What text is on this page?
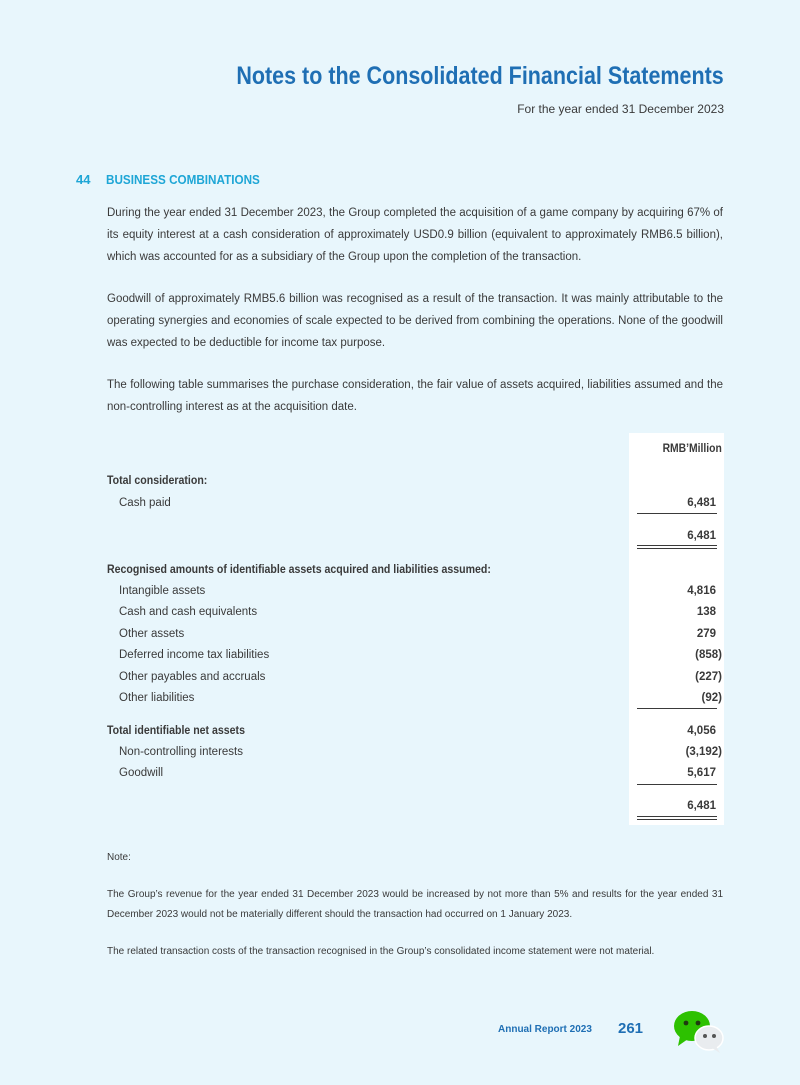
Notes to the Consolidated Financial Statements
For the year ended 31 December 2023
44	BUSINESS COMBINATIONS

During the year ended 31 December 2023, the Group completed the acquisition of a game company by acquiring 67% of its equity interest at a cash consideration of approximately USD0.9 billion (equivalent to approximately RMB6.5 billion), which was accounted for as a subsidiary of the Group upon the completion of the transaction.

Goodwill of approximately RMB5.6 billion was recognised as a result of the transaction. It was mainly attributable to the operating synergies and economies of scale expected to be derived from combining the operations. None of the goodwill was expected to be deductible for income tax purpose.

The following table summarises the purchase consideration, the fair value of assets acquired, liabilities assumed and the non-controlling interest as at the acquisition date.

RMB’Million
Total consideration:
Cash paid	6,481
6,481
Recognised amounts of identifiable assets acquired and liabilities assumed:
Intangible assets	4,816
Cash and cash equivalents	138
Other assets	279
Deferred income tax liabilities	(858)
Other payables and accruals	(227)
Other liabilities	(92)
Total identifiable net assets	4,056
Non-controlling interests	(3,192)
Goodwill	5,617
6,481

Note:

The Group’s revenue for the year ended 31 December 2023 would be increased by not more than 5% and results for the year ended 31 December 2023 would not be materially different should the transaction had occurred on 1 January 2023.

The related transaction costs of the transaction recognised in the Group’s consolidated income statement were not material.

Annual Report 2023 261
